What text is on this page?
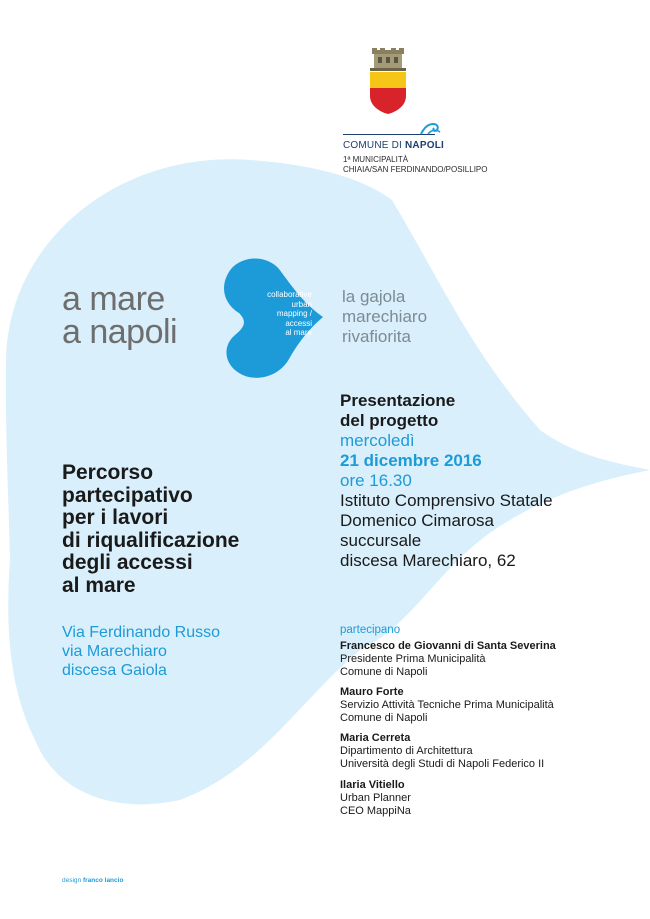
COMUNE DI NAPOLI
1ª MUNICIPALITÀ
CHIAIA/SAN FERDINANDO/POSILLIPO
a mare
a napoli
collaborative
urban
mapping /
accessi
al mare
la gajola
marechiaro
rivafiorita
Presentazione
del progetto
mercoledì
21 dicembre 2016
ore 16.30
Istituto Comprensivo Statale
Domenico Cimarosa
succursale
discesa Marechiaro, 62
Percorso
partecipativo
per i lavori
di riqualificazione
degli accessi
al mare
Via Ferdinando Russo
via Marechiaro
discesa Gaiola
partecipano
Francesco de Giovanni di Santa Severina
Presidente Prima Municipalità
Comune di Napoli
Mauro Forte
Servizio Attività Tecniche Prima Municipalità
Comune di Napoli
Maria Cerreta
Dipartimento di Architettura
Università degli Studi di Napoli Federico II
Ilaria Vitiello
Urban Planner
CEO MappiNa
design franco lancio
